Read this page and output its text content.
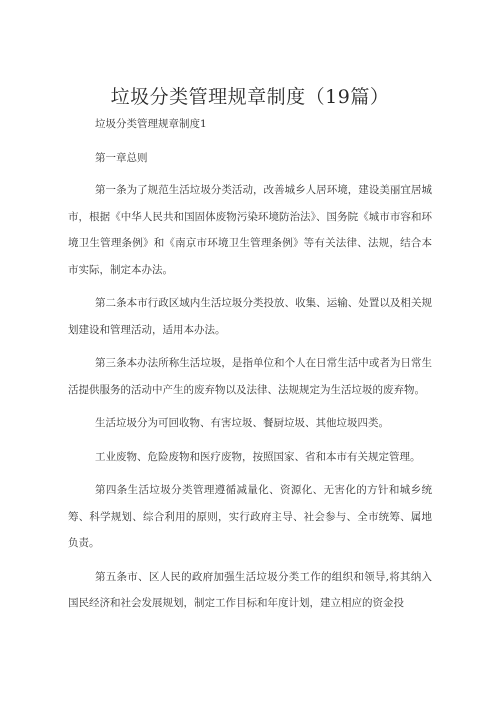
垃圾分类管理规章制度（19篇）
垃圾分类管理规章制度1
第一章总则

第一条为了规范生活垃圾分类活动，改善城乡人居环境，建设美丽宜居城市，根据《中华人民共和国固体废物污染环境防治法》、国务院《城市市容和环境卫生管理条例》和《南京市环境卫生管理条例》等有关法律、法规，结合本市实际，制定本办法。

第二条本市行政区域内生活垃圾分类投放、收集、运输、处置以及相关规划建设和管理活动，适用本办法。

第三条本办法所称生活垃圾，是指单位和个人在日常生活中或者为日常生活提供服务的活动中产生的废弃物以及法律、法规规定为生活垃圾的废弃物。

生活垃圾分为可回收物、有害垃圾、餐厨垃圾、其他垃圾四类。

工业废物、危险废物和医疗废物，按照国家、省和本市有关规定管理。

第四条生活垃圾分类管理遵循减量化、资源化、无害化的方针和城乡统筹、科学规划、综合利用的原则，实行政府主导、社会参与、全市统筹、属地负责。

第五条市、区人民的政府加强生活垃圾分类工作的组织和领导,将其纳入国民经济和社会发展规划，制定工作目标和年度计划，建立相应的资金投
